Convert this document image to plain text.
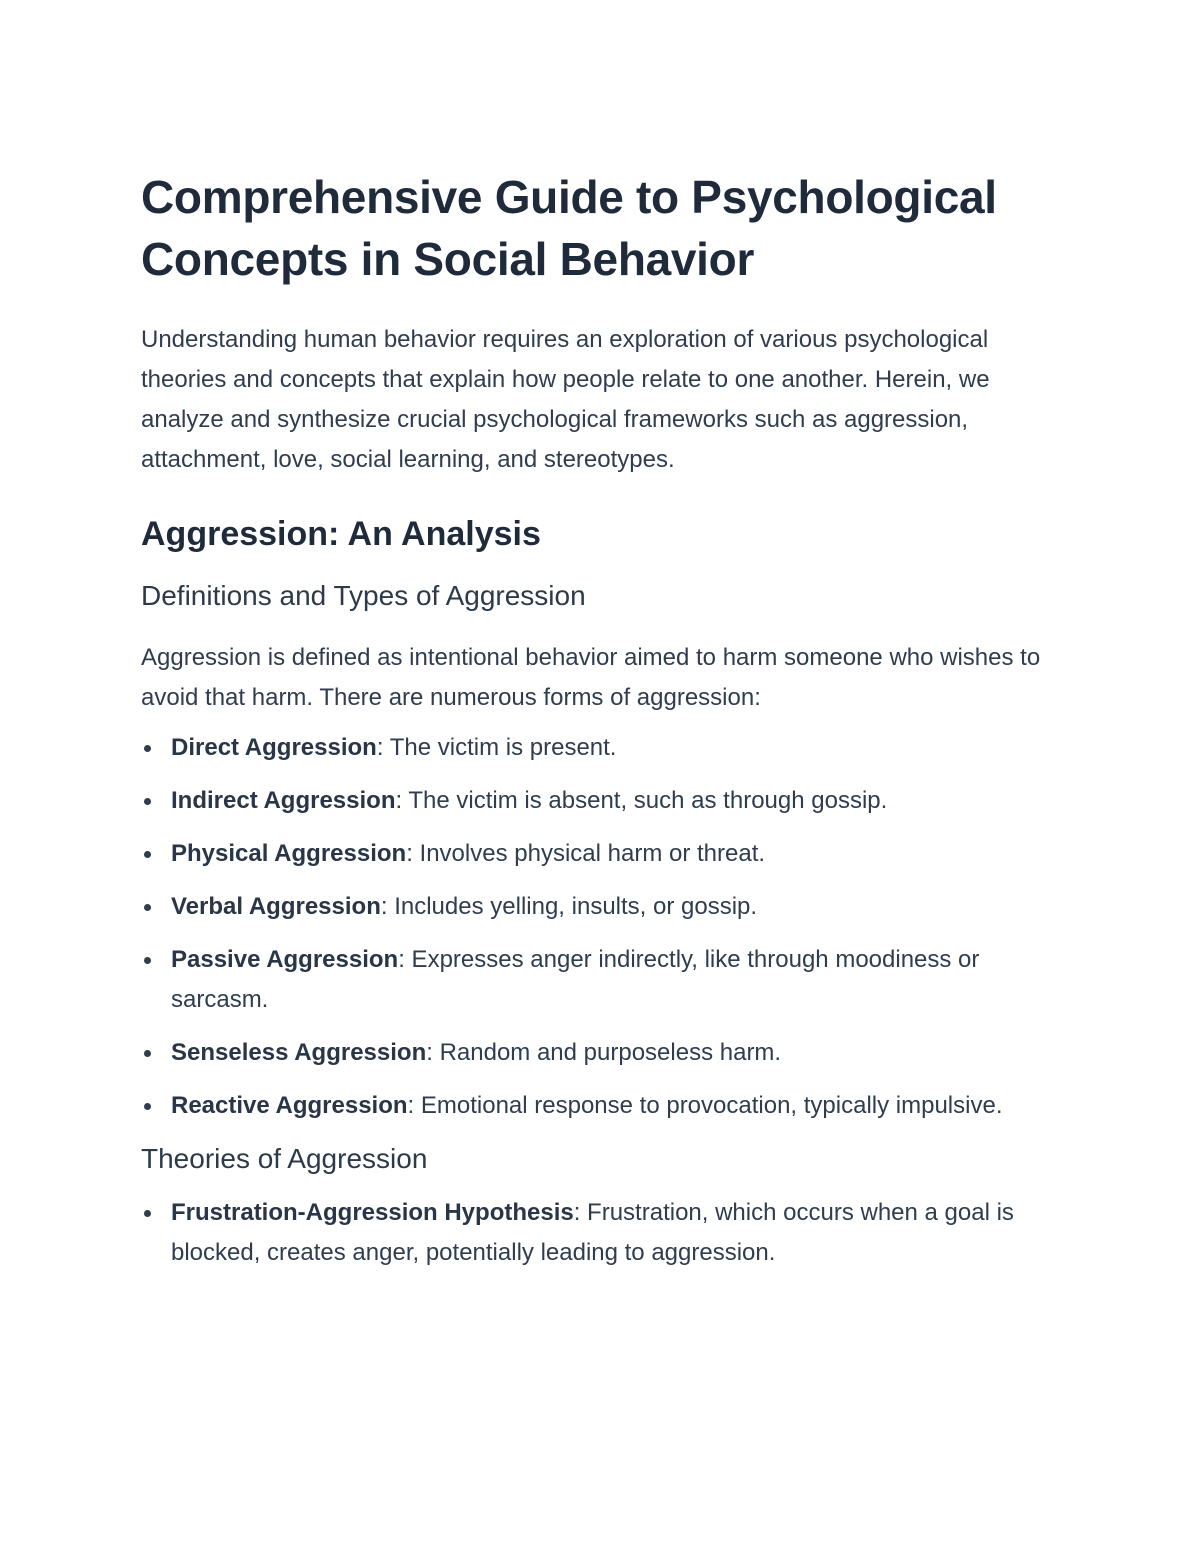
Comprehensive Guide to Psychological Concepts in Social Behavior

Understanding human behavior requires an exploration of various psychological theories and concepts that explain how people relate to one another. Herein, we analyze and synthesize crucial psychological frameworks such as aggression, attachment, love, social learning, and stereotypes.

Aggression: An Analysis
Definitions and Types of Aggression

Aggression is defined as intentional behavior aimed to harm someone who wishes to avoid that harm. There are numerous forms of aggression:

Direct Aggression: The victim is present.
Indirect Aggression: The victim is absent, such as through gossip.
Physical Aggression: Involves physical harm or threat.
Verbal Aggression: Includes yelling, insults, or gossip.
Passive Aggression: Expresses anger indirectly, like through moodiness or sarcasm.
Senseless Aggression: Random and purposeless harm.
Reactive Aggression: Emotional response to provocation, typically impulsive.
Theories of Aggression
Frustration-Aggression Hypothesis: Frustration, which occurs when a goal is blocked, creates anger, potentially leading to aggression.
